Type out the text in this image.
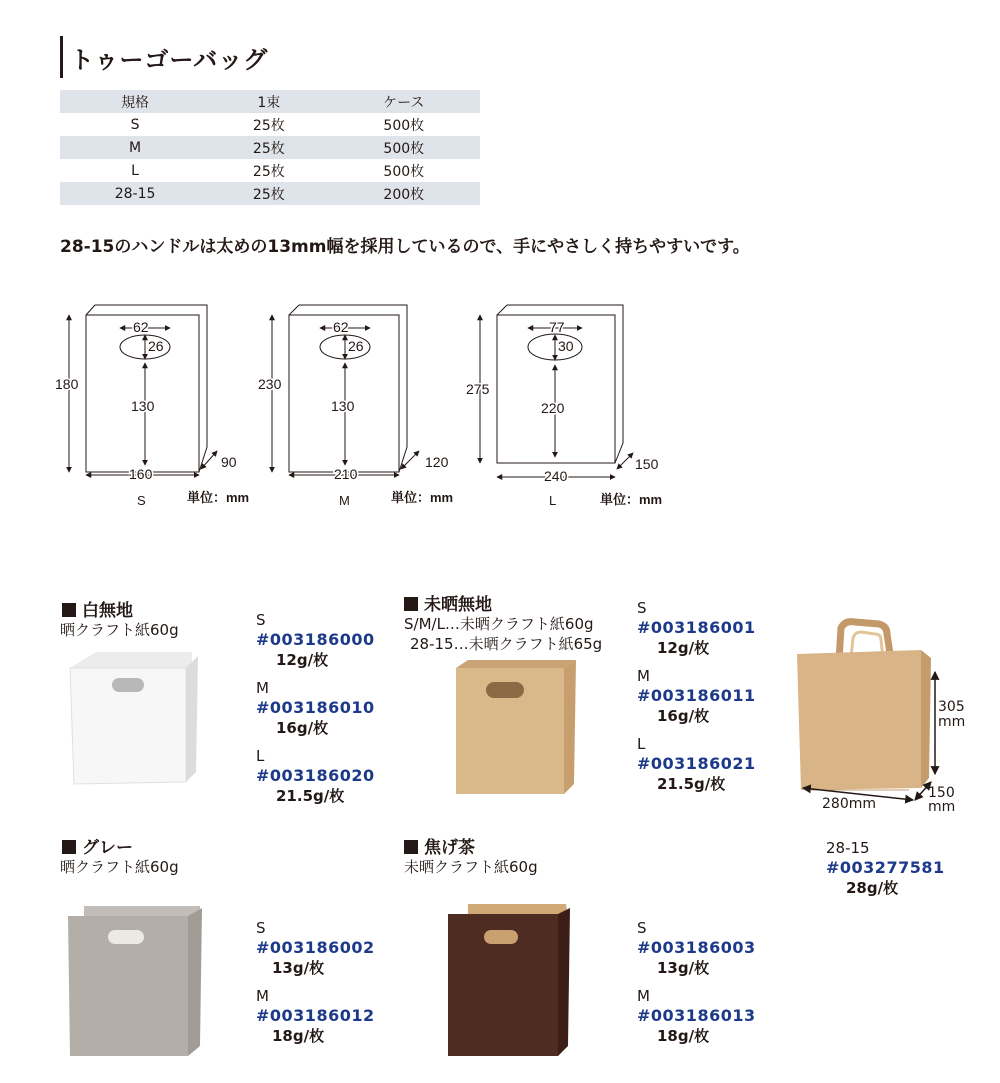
トゥーゴーバッグ
規格	1束	ケース
S	25枚	500枚
M	25枚	500枚
L	25枚	500枚
28-15	25枚	200枚
28-15のハンドルは太めの13mm幅を採用しているので、手にやさしく持ちやすいです。
62
26
130
180
160
90
S	単位：mm
62
26
130
230
210
120
M	単位：mm
77
30
220
275
240
150
L	単位：mm
白無地
晒クラフト紙60g
S
#003186000
12g/枚
M
#003186010
16g/枚
L
#003186020
21.5g/枚
未晒無地
S/M/L…未晒クラフト紙60g
28-15…未晒クラフト紙65g
S
#003186001
12g/枚
M
#003186011
16g/枚
L
#003186021
21.5g/枚
305
mm
280mm
150
mm
28-15
#003277581
28g/枚
グレー
晒クラフト紙60g
S
#003186002
13g/枚
M
#003186012
18g/枚
焦げ茶
未晒クラフト紙60g
S
#003186003
13g/枚
M
#003186013
18g/枚
